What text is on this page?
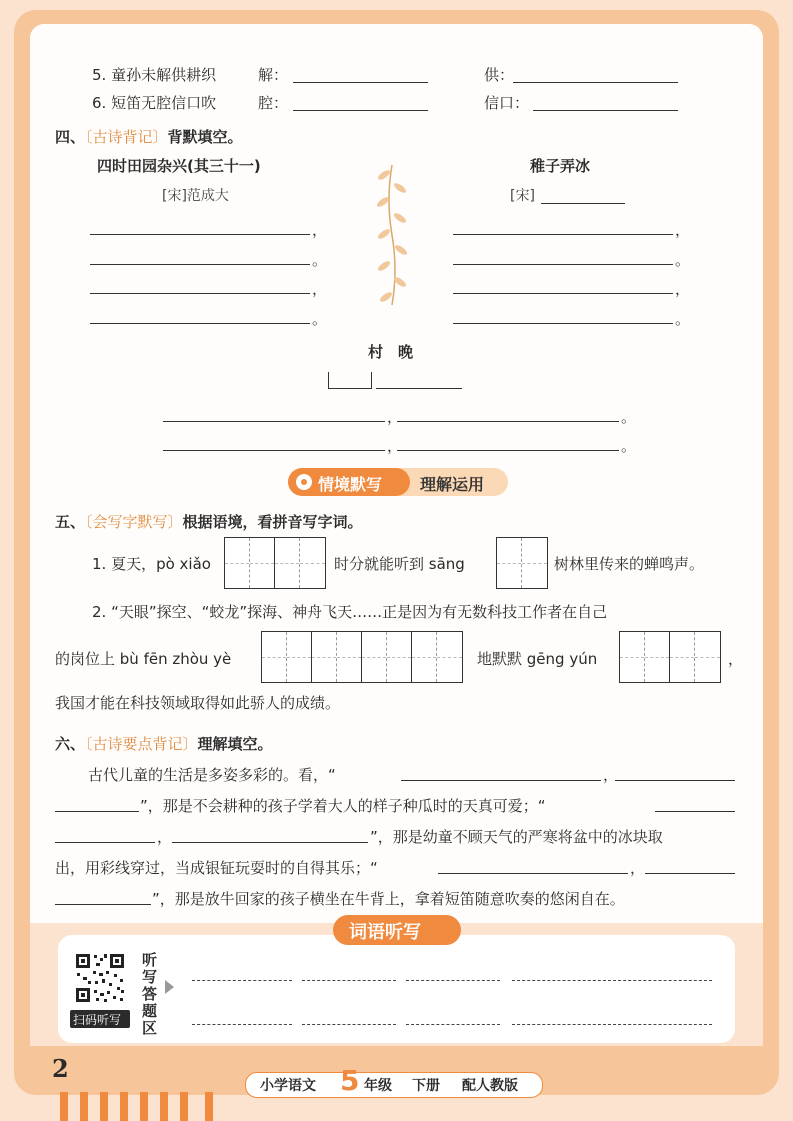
5. 童孙未解供耕织	解：	供：
6. 短笛无腔信口吹	腔：	信口：
四、〔古诗背记〕背默填空。
四时田园杂兴(其三十一)
[宋]范成大
稚子弄冰
[宋]
，
。
，
。
，
。
，
。
村　晚
，	。
，	。
情境默写 理解运用
五、〔会写字默写〕根据语境，看拼音写字词。
1. 夏天，pò xiǎo	时分就能听到 sāng	树林里传来的蝉鸣声。
2. “天眼”探空、“蛟龙”探海、神舟飞天……正是因为有无数科技工作者在自己
的岗位上 bù fēn zhòu yè	地默默 gēng yún	，
我国才能在科技领域取得如此骄人的成绩。
六、〔古诗要点背记〕理解填空。
古代儿童的生活是多姿多彩的。看，“	，
”，那是不会耕种的孩子学着大人的样子种瓜时的天真可爱；“
，	”，那是幼童不顾天气的严寒将盆中的冰块取
出，用彩线穿过，当成银钲玩耍时的自得其乐；“	，
”，那是放牛回家的孩子横坐在牛背上，拿着短笛随意吹奏的悠闲自在。
词语听写
扫码听写
听写答题区
2
小学语文 5 年级 下册 配人教版
